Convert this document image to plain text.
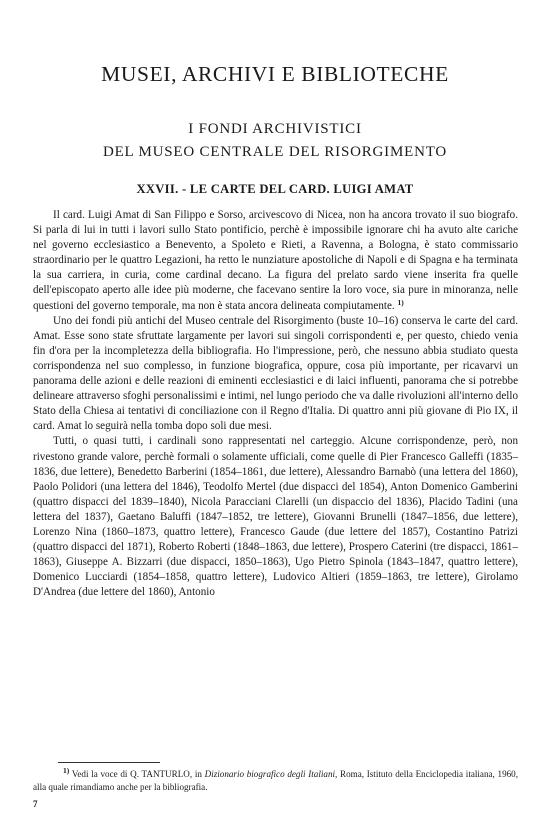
MUSEI, ARCHIVI E BIBLIOTECHE
I FONDI ARCHIVISTICI
DEL MUSEO CENTRALE DEL RISORGIMENTO
XXVII. - LE CARTE DEL CARD. LUIGI AMAT

Il card. Luigi Amat di San Filippo e Sorso, arcivescovo di Nicea, non ha ancora trovato il suo biografo. Si parla di lui in tutti i lavori sullo Stato pontificio, perchè è impossibile ignorare chi ha avuto alte cariche nel governo ecclesiastico a Benevento, a Spoleto e Rieti, a Ravenna, a Bologna, è stato commissario straordinario per le quattro Legazioni, ha retto le nunziature apostoliche di Napoli e di Spagna e ha terminata la sua carriera, in curia, come cardinal decano. La figura del prelato sardo viene inserita fra quelle dell'episcopato aperto alle idee più moderne, che facevano sentire la loro voce, sia pure in minoranza, nelle questioni del governo temporale, ma non è stata ancora delineata compiutamente. $^{1)}$

Uno dei fondi più antichi del Museo centrale del Risorgimento (buste 10–16) conserva le carte del card. Amat. Esse sono state sfruttate largamente per lavori sui singoli corrispondenti e, per questo, chiedo venia fin d'ora per la incompletezza della bibliografia. Ho l'impressione, però, che nessuno abbia studiato questa corrispondenza nel suo complesso, in funzione biografica, oppure, cosa più importante, per ricavarvi un panorama delle azioni e delle reazioni di eminenti ecclesiastici e di laici influenti, panorama che si potrebbe delineare attraverso sfoghi personalissimi e intimi, nel lungo periodo che va dalle rivoluzioni all'interno dello Stato della Chiesa ai tentativi di conciliazione con il Regno d'Italia. Di quattro anni più giovane di Pio IX, il card. Amat lo seguirà nella tomba dopo soli due mesi.

Tutti, o quasi tutti, i cardinali sono rappresentati nel carteggio. Alcune corrispondenze, però, non rivestono grande valore, perchè formali o solamente ufficiali, come quelle di Pier Francesco Galleffi (1835–1836, due lettere), Benedetto Barberini (1854–1861, due lettere), Alessandro Barnabò (una lettera del 1860), Paolo Polidori (una lettera del 1846), Teodolfo Mertel (due dispacci del 1854), Anton Domenico Gamberini (quattro dispacci del 1839–1840), Nicola Paracciani Clarelli (un dispaccio del 1836), Placido Tadini (una lettera del 1837), Gaetano Baluffi (1847–1852, tre lettere), Giovanni Brunelli (1847–1856, due lettere), Lorenzo Nina (1860–1873, quattro lettere), Francesco Gaude (due lettere del 1857), Costantino Patrizi (quattro dispacci del 1871), Roberto Roberti (1848–1863, due lettere), Prospero Caterini (tre dispacci, 1861–1863), Giuseppe A. Bizzarri (due dispacci, 1850–1863), Ugo Pietro Spinola (1843–1847, quattro lettere), Domenico Lucciardi (1854–1858, quattro lettere), Ludovico Altieri (1859–1863, tre lettere), Girolamo D'Andrea (due lettere del 1860), Antonio

$^{1)}$ Vedi la voce di Q. TANTURLO, in Dizionario biografico degli Italiani, Roma, Istituto della Enciclopedia italiana, 1960, alla quale rimandiamo anche per la bibliografia.
7
